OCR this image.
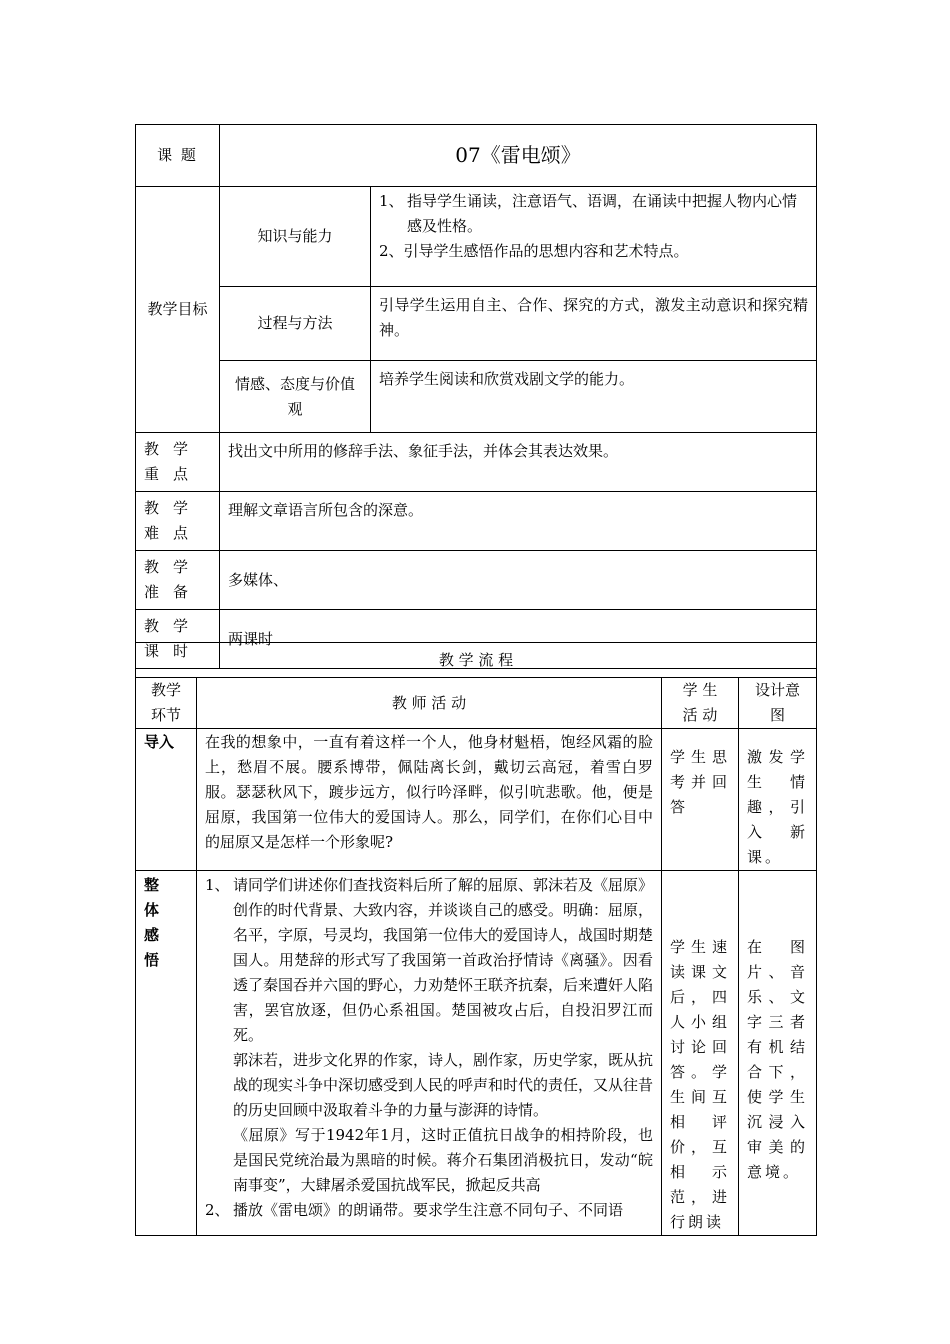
课 题	07《雷电颂》	
教学目标	知识与能力	1、 指导学生诵读，注意语气、语调，在诵读中把握人物内心情感及性格。
2、引导学生感悟作品的思想内容和艺术特点。

	过程与方法	引导学生运用自主、合作、探究的方式，激发主动意识和探究精神。
	情感、态度与价值观	培养学生阅读和欣赏戏剧文学的能力。
教学重点	找出文中所用的修辞手法、象征手法，并体会其表达效果。	
教学难点	理解文章语言所包含的深意。	
教学准备	多媒体、	
教学课时	两课时	
教 学 流 程			
教学环节	教 师 活 动	学 生 活 动	设计意图
导入	在我的想象中，一直有着这样一个人，他身材魁梧，饱经风霜的脸上，愁眉不展。腰系博带，佩陆离长剑，戴切云高冠，着雪白罗服。瑟瑟秋风下，踱步远方，似行吟泽畔，似引吭悲歌。他，便是屈原，我国第一位伟大的爱国诗人。那么，同学们，在你们心目中的屈原又是怎样一个形象呢?	学生思考并回答	激发学生情趣，引入新课。
整体感悟	1、 请同学们讲述你们查找资料后所了解的屈原、郭沫若及《屈原》创作的时代背景、大致内容，并谈谈自己的感受。明确：屈原，名平，字原，号灵均，我国第一位伟大的爱国诗人，战国时期楚国人。用楚辞的形式写了我国第一首政治抒情诗《离骚》。因看透了秦国吞并六国的野心，力劝楚怀王联齐抗秦，后来遭奸人陷害，罢官放逐，但仍心系祖国。楚国被攻占后，自投汨罗江而死。
郭沫若，进步文化界的作家，诗人，剧作家，历史学家，既从抗战的现实斗争中深切感受到人民的呼声和时代的责任，又从往昔的历史回顾中汲取着斗争的力量与澎湃的诗情。
《屈原》写于1942年1月，这时正值抗日战争的相持阶段，也是国民党统治最为黑暗的时候。蒋介石集团消极抗日，发动“皖南事变”，大肆屠杀爱国抗战军民，掀起反共高
2、 播放《雷电颂》的朗诵带。要求学生注意不同句子、不同语	学生速读课文后，四人小组讨论回答。学生间互相评价，互相示范，进行朗读	在图片、音乐、文字三者有机结合下，使学生沉浸入审美的意境。
